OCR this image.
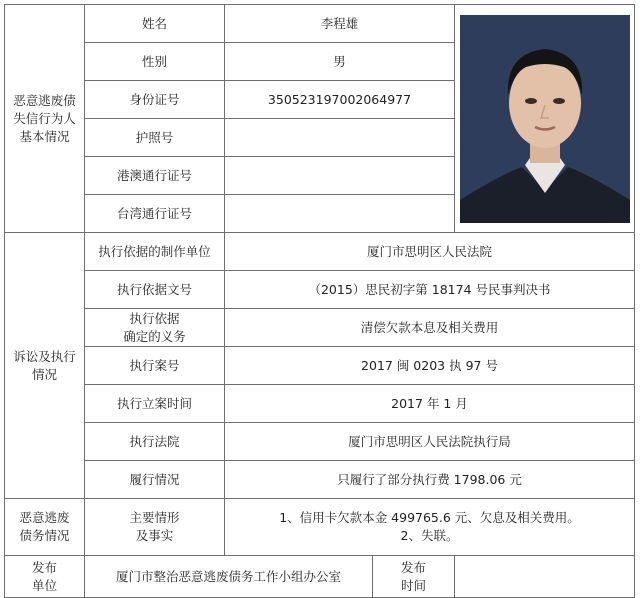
恶意逃废债
失信行为人
基本情况	姓名	李程雄	

	性别	男		
	身份证号	350523197002064977		
	护照号			
	港澳通行证号			
	台湾通行证号			
诉讼及执行
情况	执行依据的制作单位	厦门市思明区人民法院		
	执行依据文号	（2015）思民初字第 18174 号民事判决书		
	执行依据
确定的义务	清偿欠款本息及相关费用		
	执行案号	2017 闽 0203 执 97 号		
	执行立案时间	2017 年 1 月		
	执行法院	厦门市思明区人民法院执行局		
	履行情况	只履行了部分执行费 1798.06 元		
恶意逃废
债务情况	主要情形
及事实	1、信用卡欠款本金 499765.6 元、欠息及相关费用。
2、失联。		
发布
单位	厦门市整治恶意逃废债务工作小组办公室		发布
时间	
